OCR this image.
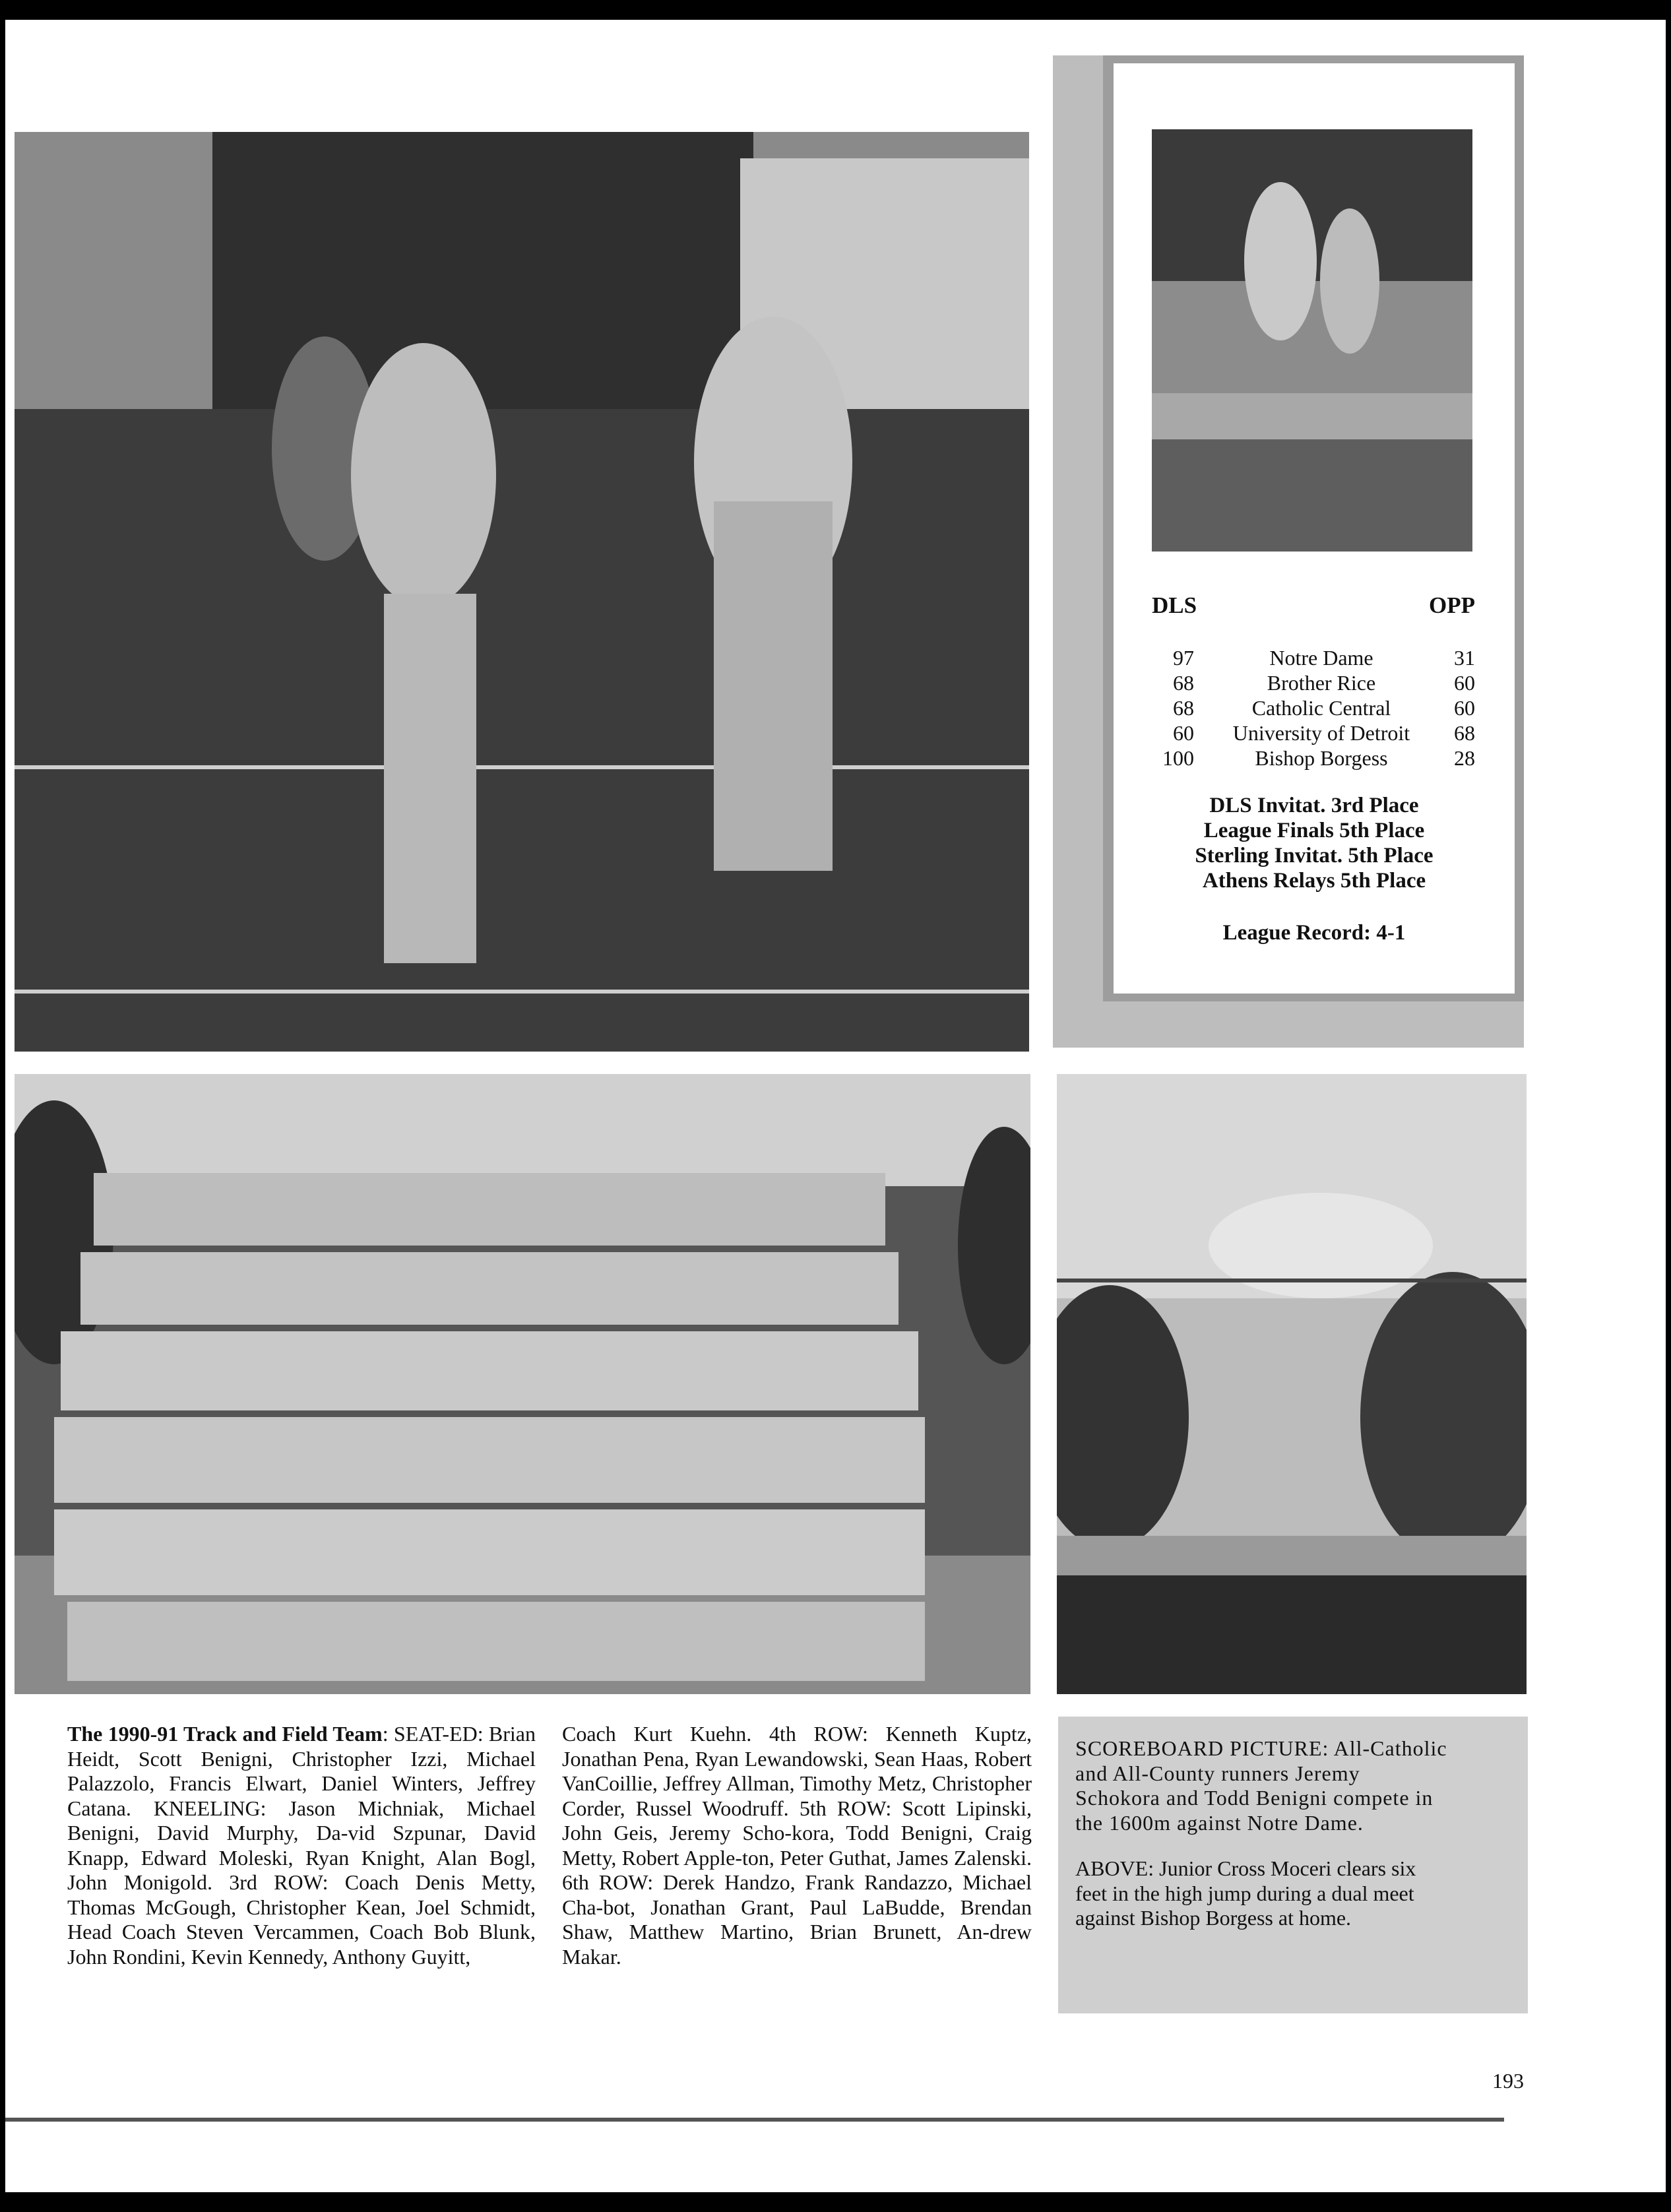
DLS	OPP
97	Notre Dame	31
68	Brother Rice	60
68	Catholic Central	60
60	University of Detroit	68
100	Bishop Borgess	28
DLS Invitat. 3rd Place
League Finals 5th Place
Sterling Invitat. 5th Place
Athens Relays 5th Place
League Record: 4-1
The 1990-91 Track and Field Team: SEAT-ED: Brian Heidt, Scott Benigni, Christopher Izzi, Michael Palazzolo, Francis Elwart, Daniel Winters, Jeffrey Catana. KNEELING: Jason Michniak, Michael Benigni, David Murphy, Da-vid Szpunar, David Knapp, Edward Moleski, Ryan Knight, Alan Bogl, John Monigold. 3rd ROW: Coach Denis Metty, Thomas McGough, Christopher Kean, Joel Schmidt, Head Coach Steven Vercammen, Coach Bob Blunk, John Rondini, Kevin Kennedy, Anthony Guyitt,
Coach Kurt Kuehn. 4th ROW: Kenneth Kuptz, Jonathan Pena, Ryan Lewandowski, Sean Haas, Robert VanCoillie, Jeffrey Allman, Timothy Metz, Christopher Corder, Russel Woodruff. 5th ROW: Scott Lipinski, John Geis, Jeremy Scho-kora, Todd Benigni, Craig Metty, Robert Apple-ton, Peter Guthat, James Zalenski. 6th ROW: Derek Handzo, Frank Randazzo, Michael Cha-bot, Jonathan Grant, Paul LaBudde, Brendan Shaw, Matthew Martino, Brian Brunett, An-drew Makar.

SCOREBOARD PICTURE: All-Catholic and All-County runners Jeremy Schokora and Todd Benigni compete in the 1600m against Notre Dame.

ABOVE: Junior Cross Moceri clears six feet in the high jump during a dual meet against Bishop Borgess at home.

193
